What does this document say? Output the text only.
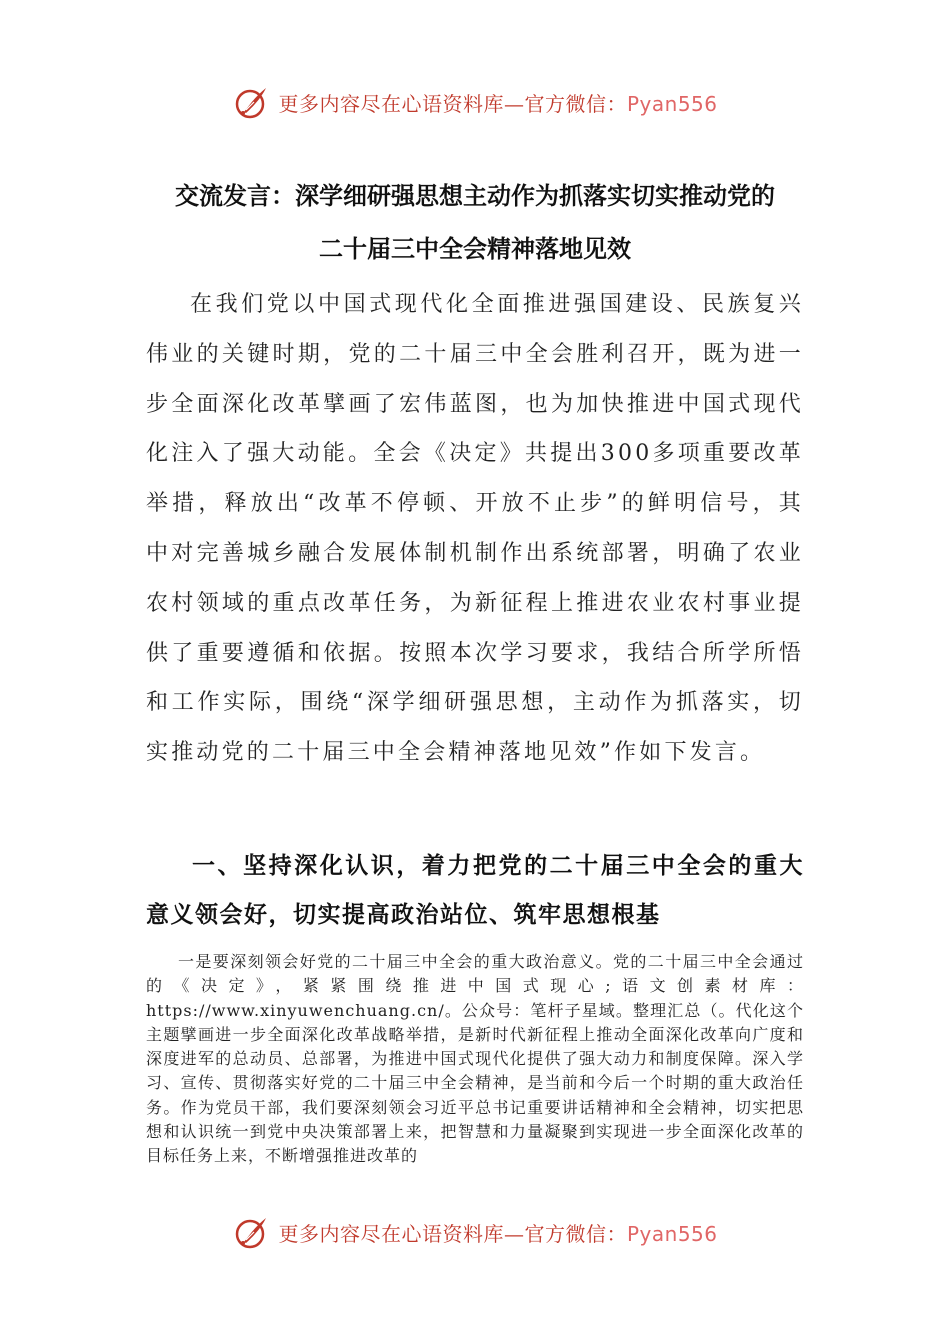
更多内容尽在心语资料库—官方微信：Pyan556
交流发言：深学细研强思想主动作为抓落实切实推动党的
二十届三中全会精神落地见效

在我们党以中国式现代化全面推进强国建设、民族复兴伟业的关键时期，党的二十届三中全会胜利召开，既为进一步全面深化改革擘画了宏伟蓝图，也为加快推进中国式现代化注入了强大动能。全会《决定》共提出300多项重要改革举措，释放出“改革不停顿、开放不止步”的鲜明信号，其中对完善城乡融合发展体制机制作出系统部署，明确了农业农村领域的重点改革任务，为新征程上推进农业农村事业提供了重要遵循和依据。按照本次学习要求，我结合所学所悟和工作实际，围绕“深学细研强思想，主动作为抓落实，切实推动党的二十届三中全会精神落地见效”作如下发言。

一、坚持深化认识，着力把党的二十届三中全会的重大意义领会好，切实提高政治站位、筑牢思想根基

一是要深刻领会好党的二十届三中全会的重大政治意义。党的二十届三中全会通过的《决定》，紧紧围绕推进中国式现心;语文创素材库：https://www.xinyuwenchuang.cn/。公众号：笔杆子星域。整理汇总（。代化这个主题擘画进一步全面深化改革战略举措，是新时代新征程上推动全面深化改革向广度和深度进军的总动员、总部署，为推进中国式现代化提供了强大动力和制度保障。深入学习、宣传、贯彻落实好党的二十届三中全会精神，是当前和今后一个时期的重大政治任务。作为党员干部，我们要深刻领会习近平总书记重要讲话精神和全会精神，切实把思想和认识统一到党中央决策部署上来，把智慧和力量凝聚到实现进一步全面深化改革的目标任务上来，不断增强推进改革的

更多内容尽在心语资料库—官方微信：Pyan556
